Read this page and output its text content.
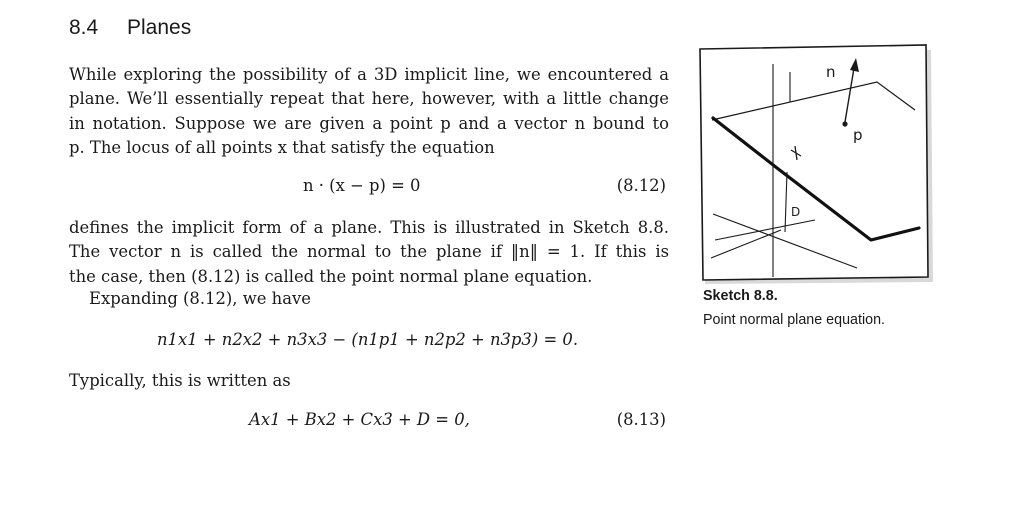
8.4 Planes
While exploring the possibility of a 3D implicit line, we encountered a
plane. We’ll essentially repeat that here, however, with a little change
in notation. Suppose we are given a point p and a vector n bound to
p. The locus of all points x that satisfy the equation
n · (x − p) = 0	(8.12)
defines the implicit form of a plane. This is illustrated in Sketch 8.8.
The vector n is called the normal to the plane if ‖n‖ = 1. If this is
the case, then (8.12) is called the point normal plane equation.
Expanding (8.12), we have
n1x1 + n2x2 + n3x3 − (n1p1 + n2p2 + n3p3) = 0.
Typically, this is written as
Ax1 + Bx2 + Cx3 + D = 0,	(8.13)
n
p
D
Sketch 8.8.
Point normal plane equation.
